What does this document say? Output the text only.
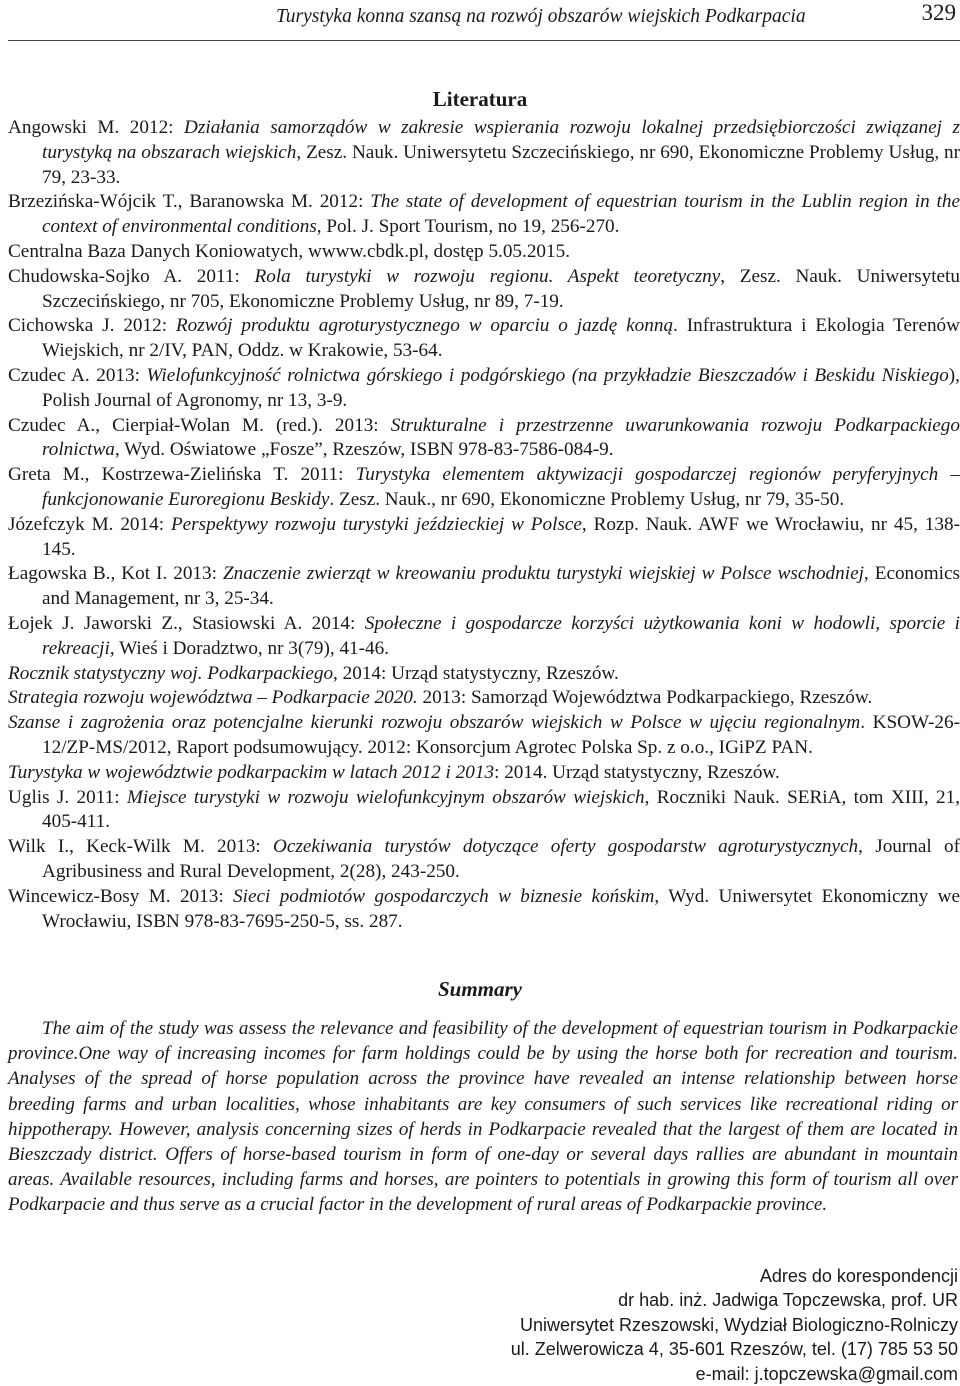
Turystyka konna szansą na rozwój obszarów wiejskich Podkarpacia	329
Literatura
Angowski M. 2012: Działania samorządów w zakresie wspierania rozwoju lokalnej przedsiębiorczości związanej z turystyką na obszarach wiejskich, Zesz. Nauk. Uniwersytetu Szczecińskiego, nr 690, Ekonomiczne Problemy Usług, nr 79, 23-33.
Brzezińska-Wójcik T., Baranowska M. 2012: The state of development of equestrian tourism in the Lublin region in the context of environmental conditions, Pol. J. Sport Tourism, no 19, 256-270.
Centralna Baza Danych Koniowatych, wwww.cbdk.pl, dostęp 5.05.2015.
Chudowska-Sojko A. 2011: Rola turystyki w rozwoju regionu. Aspekt teoretyczny, Zesz. Nauk. Uniwersytetu Szczecińskiego, nr 705, Ekonomiczne Problemy Usług, nr 89, 7-19.
Cichowska J. 2012: Rozwój produktu agroturystycznego w oparciu o jazdę konną. Infrastruktura i Ekologia Terenów Wiejskich, nr 2/IV, PAN, Oddz. w Krakowie, 53-64.
Czudec A. 2013: Wielofunkcyjność rolnictwa górskiego i podgórskiego (na przykładzie Bieszczadów i Beskidu Niskiego), Polish Journal of Agronomy, nr 13, 3-9.
Czudec A., Cierpiał-Wolan M. (red.). 2013: Strukturalne i przestrzenne uwarunkowania rozwoju Podkarpackiego rolnictwa, Wyd. Oświatowe „Fosze”, Rzeszów, ISBN 978-83-7586-084-9.
Greta M., Kostrzewa-Zielińska T. 2011: Turystyka elementem aktywizacji gospodarczej regionów peryferyjnych – funkcjonowanie Euroregionu Beskidy. Zesz. Nauk., nr 690, Ekonomiczne Problemy Usług, nr 79, 35-50.
Józefczyk M. 2014: Perspektywy rozwoju turystyki jeździeckiej w Polsce, Rozp. Nauk. AWF we Wrocławiu, nr 45, 138-145.
Łagowska B., Kot I. 2013: Znaczenie zwierząt w kreowaniu produktu turystyki wiejskiej w Polsce wschodniej, Economics and Management, nr 3, 25-34.
Łojek J. Jaworski Z., Stasiowski A. 2014: Społeczne i gospodarcze korzyści użytkowania koni w hodowli, sporcie i rekreacji, Wieś i Doradztwo, nr 3(79), 41-46.
Rocznik statystyczny woj. Podkarpackiego, 2014: Urząd statystyczny, Rzeszów.
Strategia rozwoju województwa – Podkarpacie 2020. 2013: Samorząd Województwa Podkarpackiego, Rzeszów.
Szanse i zagrożenia oraz potencjalne kierunki rozwoju obszarów wiejskich w Polsce w ujęciu regionalnym. KSOW-26-12/ZP-MS/2012, Raport podsumowujący. 2012: Konsorcjum Agrotec Polska Sp. z o.o., IGiPZ PAN.
Turystyka w województwie podkarpackim w latach 2012 i 2013: 2014. Urząd statystyczny, Rzeszów.
Uglis J. 2011: Miejsce turystyki w rozwoju wielofunkcyjnym obszarów wiejskich, Roczniki Nauk. SERiA, tom XIII, 21, 405-411.
Wilk I., Keck-Wilk M. 2013: Oczekiwania turystów dotyczące oferty gospodarstw agroturystycznych, Journal of Agribusiness and Rural Development, 2(28), 243-250.
Wincewicz-Bosy M. 2013: Sieci podmiotów gospodarczych w biznesie końskim, Wyd. Uniwersytet Ekonomiczny we Wrocławiu, ISBN 978-83-7695-250-5, ss. 287.
Summary
The aim of the study was assess the relevance and feasibility of the development of equestrian tourism in Podkarpackie province.One way of increasing incomes for farm holdings could be by using the horse both for recreation and tourism. Analyses of the spread of horse population across the province have revealed an intense relationship between horse breeding farms and urban localities, whose inhabitants are key consumers of such services like recreational riding or hippotherapy. However, analysis concerning sizes of herds in Podkarpacie revealed that the largest of them are located in Bieszczady district. Offers of horse-based tourism in form of one-day or several days rallies are abundant in mountain areas. Available resources, including farms and horses, are pointers to potentials in growing this form of tourism all over Podkarpacie and thus serve as a crucial factor in the development of rural areas of Podkarpackie province.
Adres do korespondencji
dr hab. inż. Jadwiga Topczewska, prof. UR
Uniwersytet Rzeszowski, Wydział Biologiczno-Rolniczy
ul. Zelwerowicza 4, 35-601 Rzeszów, tel. (17) 785 53 50
e-mail: j.topczewska@gmail.com
